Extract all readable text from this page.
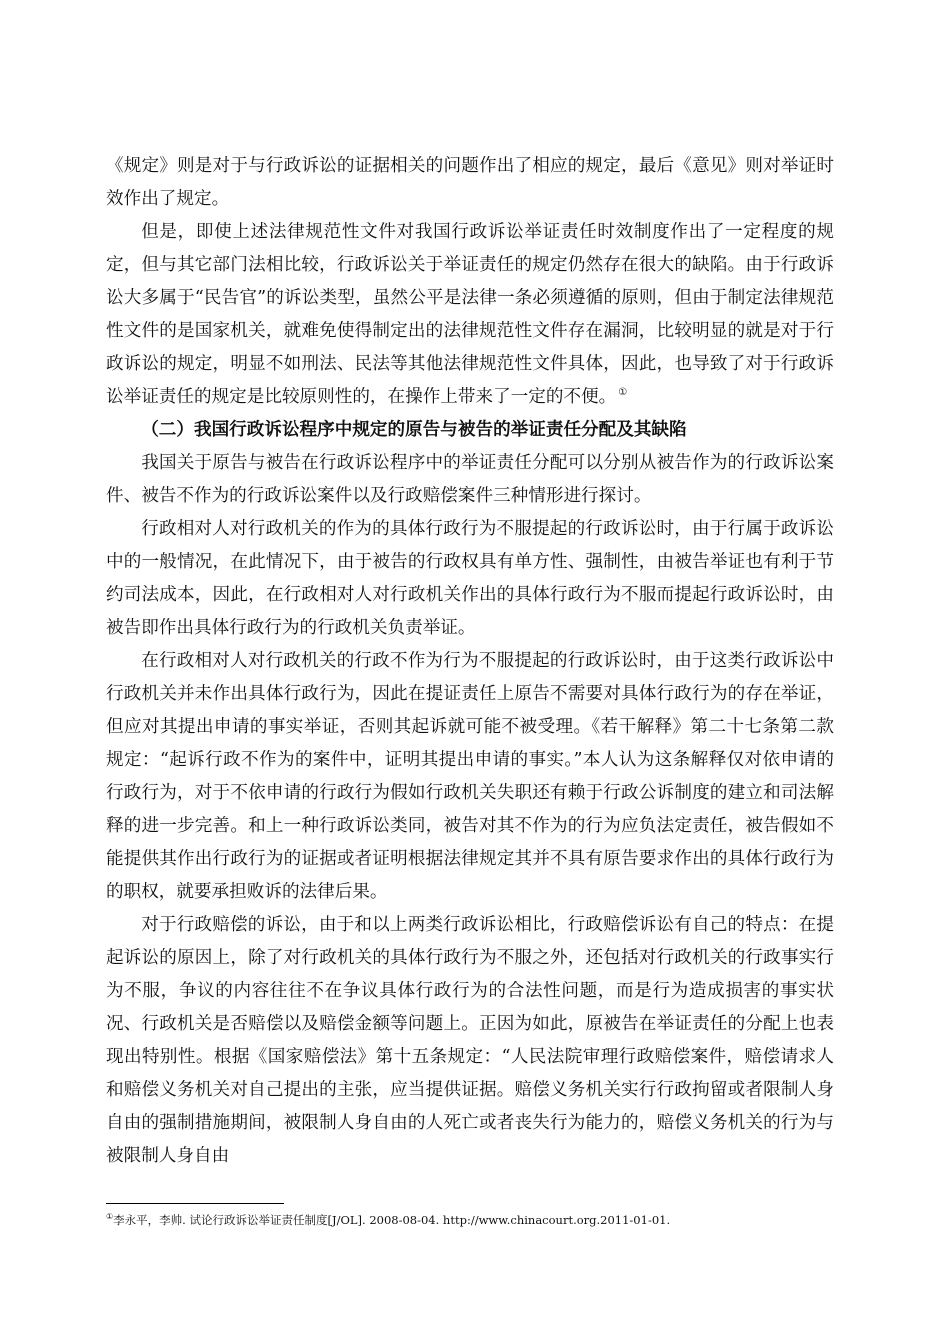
《规定》则是对于与行政诉讼的证据相关的问题作出了相应的规定，最后《意见》则对举证时效作出了规定。

但是，即使上述法律规范性文件对我国行政诉讼举证责任时效制度作出了一定程度的规定，但与其它部门法相比较，行政诉讼关于举证责任的规定仍然存在很大的缺陷。由于行政诉讼大多属于“民告官”的诉讼类型，虽然公平是法律一条必须遵循的原则，但由于制定法律规范性文件的是国家机关，就难免使得制定出的法律规范性文件存在漏洞，比较明显的就是对于行政诉讼的规定，明显不如刑法、民法等其他法律规范性文件具体，因此，也导致了对于行政诉讼举证责任的规定是比较原则性的，在操作上带来了一定的不便。 ①

（二）我国行政诉讼程序中规定的原告与被告的举证责任分配及其缺陷

我国关于原告与被告在行政诉讼程序中的举证责任分配可以分别从被告作为的行政诉讼案件、被告不作为的行政诉讼案件以及行政赔偿案件三种情形进行探讨。

行政相对人对行政机关的作为的具体行政行为不服提起的行政诉讼时，由于行属于政诉讼中的一般情况，在此情况下，由于被告的行政权具有单方性、强制性，由被告举证也有利于节约司法成本，因此，在行政相对人对行政机关作出的具体行政行为不服而提起行政诉讼时，由被告即作出具体行政行为的行政机关负责举证。

在行政相对人对行政机关的行政不作为行为不服提起的行政诉讼时，由于这类行政诉讼中行政机关并未作出具体行政行为，因此在提证责任上原告不需要对具体行政行为的存在举证，但应对其提出申请的事实举证，否则其起诉就可能不被受理。《若干解释》第二十七条第二款规定：“起诉行政不作为的案件中，证明其提出申请的事实。”本人认为这条解释仅对依申请的行政行为，对于不依申请的行政行为假如行政机关失职还有赖于行政公诉制度的建立和司法解释的进一步完善。和上一种行政诉讼类同，被告对其不作为的行为应负法定责任，被告假如不能提供其作出行政行为的证据或者证明根据法律规定其并不具有原告要求作出的具体行政行为的职权，就要承担败诉的法律后果。

对于行政赔偿的诉讼，由于和以上两类行政诉讼相比，行政赔偿诉讼有自己的特点：在提起诉讼的原因上，除了对行政机关的具体行政行为不服之外，还包括对行政机关的行政事实行为不服，争议的内容往往不在争议具体行政行为的合法性问题，而是行为造成损害的事实状况、行政机关是否赔偿以及赔偿金额等问题上。正因为如此，原被告在举证责任的分配上也表现出特别性。根据《国家赔偿法》第十五条规定：“人民法院审理行政赔偿案件，赔偿请求人和赔偿义务机关对自己提出的主张，应当提供证据。赔偿义务机关实行行政拘留或者限制人身自由的强制措施期间，被限制人身自由的人死亡或者丧失行为能力的，赔偿义务机关的行为与被限制人身自由

①李永平，李帅. 试论行政诉讼举证责任制度[J/OL]. 2008-08-04. http://www.chinacourt.org.2011-01-01.
